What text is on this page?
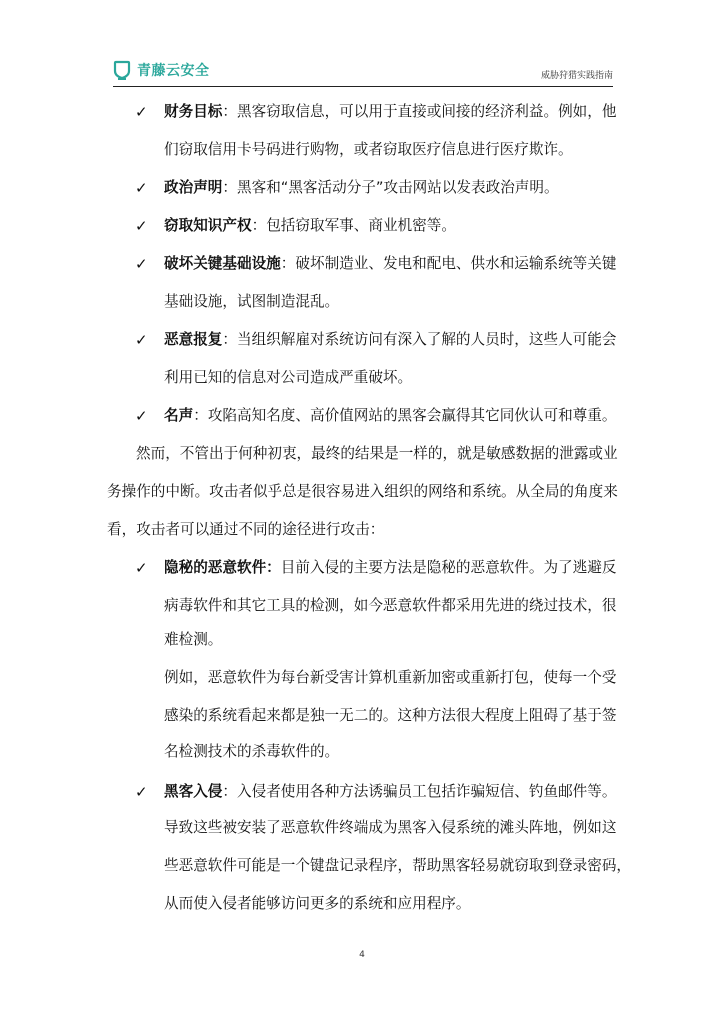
青藤云安全	威胁狩猎实践指南
✓ 财务目标：黑客窃取信息，可以用于直接或间接的经济利益。例如，他
们窃取信用卡号码进行购物，或者窃取医疗信息进行医疗欺诈。
✓ 政治声明：黑客和“黑客活动分子”攻击网站以发表政治声明。
✓ 窃取知识产权：包括窃取军事、商业机密等。
✓ 破坏关键基础设施：破坏制造业、发电和配电、供水和运输系统等关键
基础设施，试图制造混乱。
✓ 恶意报复：当组织解雇对系统访问有深入了解的人员时，这些人可能会
利用已知的信息对公司造成严重破坏。
✓ 名声：攻陷高知名度、高价值网站的黑客会赢得其它同伙认可和尊重。
然而，不管出于何种初衷，最终的结果是一样的，就是敏感数据的泄露或业
务操作的中断。攻击者似乎总是很容易进入组织的网络和系统。从全局的角度来
看，攻击者可以通过不同的途径进行攻击：
✓ 隐秘的恶意软件：目前入侵的主要方法是隐秘的恶意软件。为了逃避反
病毒软件和其它工具的检测，如今恶意软件都采用先进的绕过技术，很
难检测。
例如，恶意软件为每台新受害计算机重新加密或重新打包，使每一个受
感染的系统看起来都是独一无二的。这种方法很大程度上阻碍了基于签
名检测技术的杀毒软件的。
✓ 黑客入侵：入侵者使用各种方法诱骗员工包括诈骗短信、钓鱼邮件等。
导致这些被安装了恶意软件终端成为黑客入侵系统的滩头阵地，例如这
些恶意软件可能是一个键盘记录程序，帮助黑客轻易就窃取到登录密码，
从而使入侵者能够访问更多的系统和应用程序。
4
